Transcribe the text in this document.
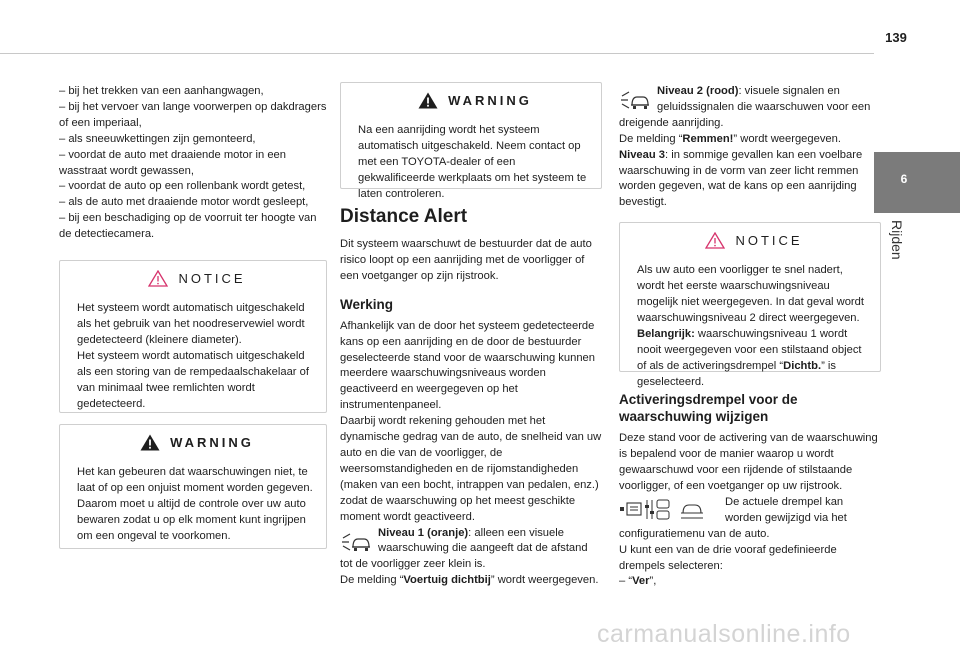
139
6
Rijden

– bij het trekken van een aanhangwagen,

– bij het vervoer van lange voorwerpen op dakdragers of een imperiaal,

– als sneeuwkettingen zijn gemonteerd,

– voordat de auto met draaiende motor in een wasstraat wordt gewassen,

– voordat de auto op een rollenbank wordt getest,

– als de auto met draaiende motor wordt gesleept,

– bij een beschadiging op de voorruit ter hoogte van de detectiecamera.

NOTICE

Het systeem wordt automatisch uitgeschakeld als het gebruik van het noodreservewiel wordt gedetecteerd (kleinere diameter).

Het systeem wordt automatisch uitgeschakeld als een storing van de rempedaalschakelaar of van minimaal twee remlichten wordt gedetecteerd.

WARNING

Het kan gebeuren dat waarschuwingen niet, te laat of op een onjuist moment worden gegeven. Daarom moet u altijd de controle over uw auto bewaren zodat u op elk moment kunt ingrijpen om een ongeval te voorkomen.

WARNING

Na een aanrijding wordt het systeem automatisch uitgeschakeld. Neem contact op met een TOYOTA-dealer of een gekwalificeerde werkplaats om het systeem te laten controleren.

Distance Alert

Dit systeem waarschuwt de bestuurder dat de auto risico loopt op een aanrijding met de voorligger of een voetganger op zijn rijstrook.

Werking

Afhankelijk van de door het systeem gedetecteerde kans op een aanrijding en de door de bestuurder geselecteerde stand voor de waarschuwing kunnen meerdere waarschuwingsniveaus worden geactiveerd en weergegeven op het instrumentenpaneel.

Daarbij wordt rekening gehouden met het dynamische gedrag van de auto, de snelheid van uw auto en die van de voorligger, de weersomstandigheden en de rijomstandigheden (maken van een bocht, intrappen van pedalen, enz.) zodat de waarschuwing op het meest geschikte moment wordt geactiveerd.

Niveau 1 (oranje): alleen een visuele waarschuwing die aangeeft dat de afstand tot de voorligger zeer klein is.

De melding “Voertuig dichtbij” wordt weergegeven.

Niveau 2 (rood): visuele signalen en geluidssignalen die waarschuwen voor een dreigende aanrijding.

De melding “Remmen!” wordt weergegeven.

Niveau 3: in sommige gevallen kan een voelbare waarschuwing in de vorm van zeer licht remmen worden gegeven, wat de kans op een aanrijding bevestigt.

NOTICE

Als uw auto een voorligger te snel nadert, wordt het eerste waarschuwingsniveau mogelijk niet weergegeven. In dat geval wordt waarschuwingsniveau 2 direct weergegeven.

Belangrijk: waarschuwingsniveau 1 wordt nooit weergegeven voor een stilstaand object of als de activeringsdrempel “Dichtb.” is geselecteerd.

Activeringsdrempel voor de waarschuwing wijzigen

Deze stand voor de activering van de waarschuwing is bepalend voor de manier waarop u wordt gewaarschuwd voor een rijdende of stilstaande voorligger, of een voetganger op uw rijstrook.

De actuele drempel kan worden gewijzigd via het configuratiemenu van de auto.

U kunt een van de drie vooraf gedefinieerde drempels selecteren:

– “Ver”,

carmanualsonline.info
